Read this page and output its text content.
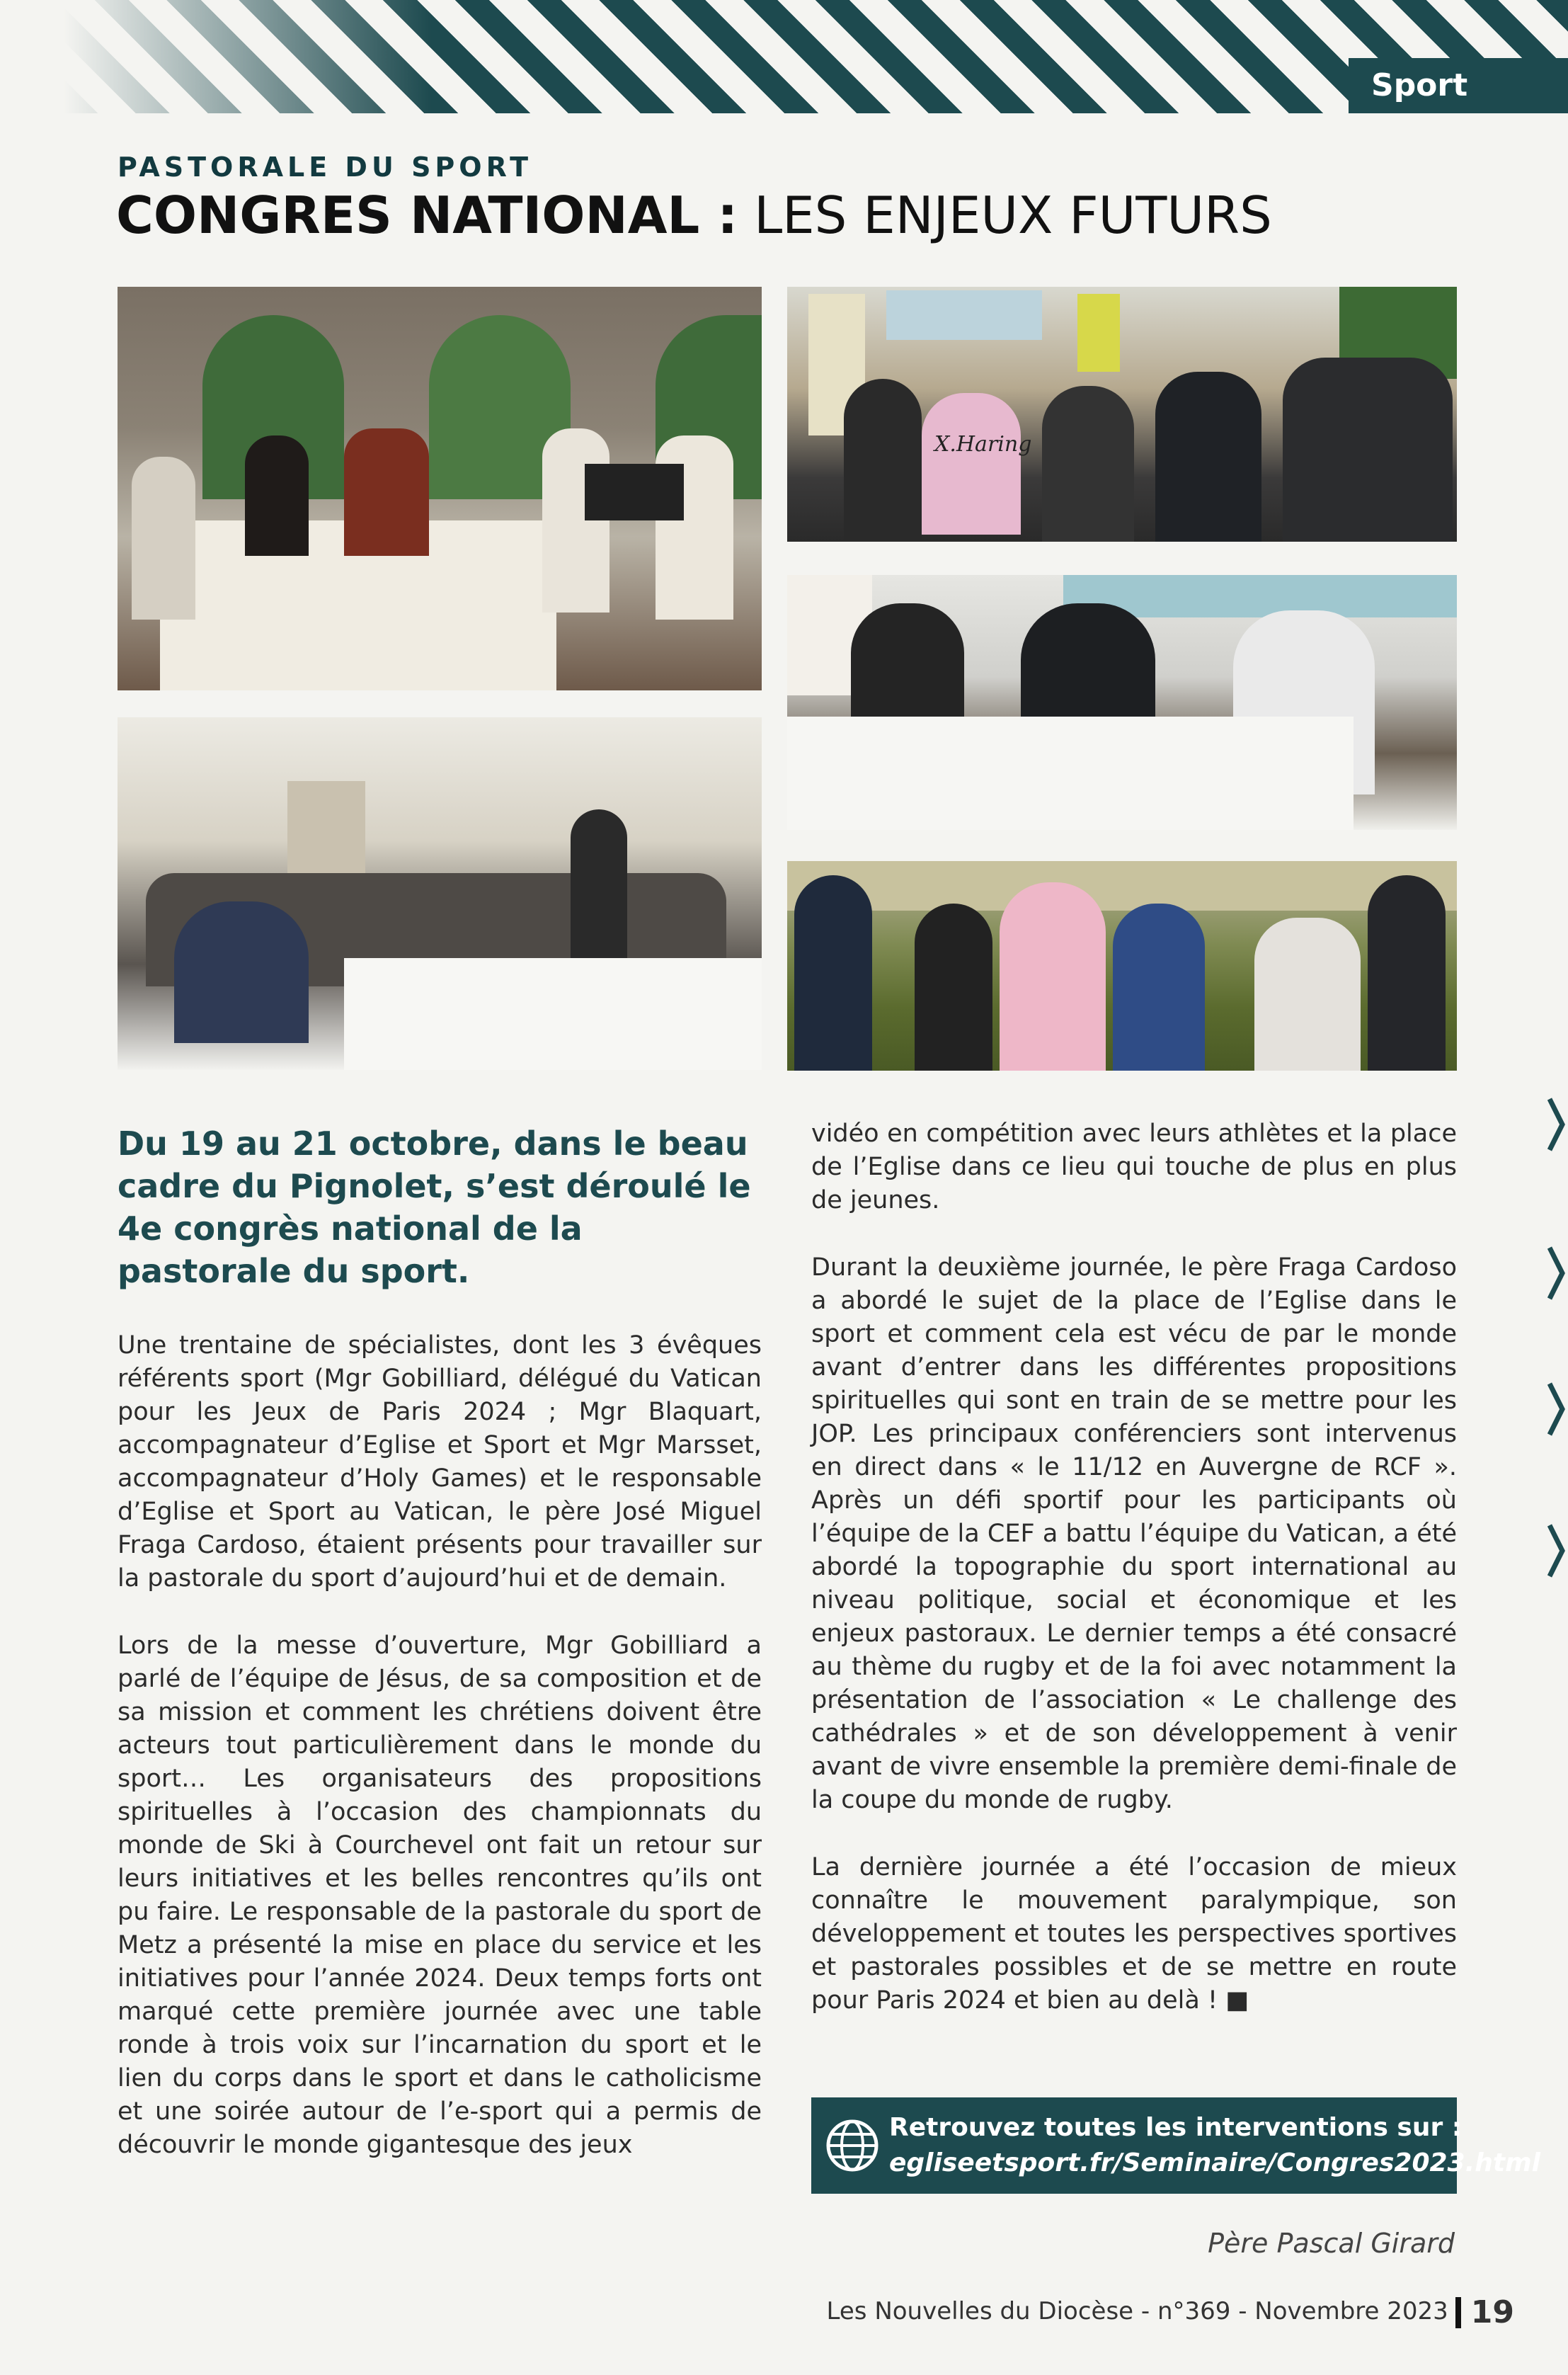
Sport
PASTORALE DU SPORT
CONGRES NATIONAL : LES ENJEUX FUTURS
X.Haring

Du 19 au 21 octobre, dans le beau cadre du Pignolet, s’est déroulé le 4e congrès national de la pastorale du sport.

Une trentaine de spécialistes, dont les 3 évêques référents sport (Mgr Gobilliard, délégué du Vatican pour les Jeux de Paris 2024 ; Mgr Blaquart, accompagnateur d’Eglise et Sport et Mgr Marsset, accompagnateur d’Holy Games) et le responsable d’Eglise et Sport au Vatican, le père José Miguel Fraga Cardoso, étaient présents pour travailler sur la pastorale du sport d’aujourd’hui et de demain.

Lors de la messe d’ouverture, Mgr Gobilliard a parlé de l’équipe de Jésus, de sa composition et de sa mission et comment les chrétiens doivent être acteurs tout particulièrement dans le monde du sport… Les organisateurs des propositions spirituelles à l’occasion des championnats du monde de Ski à Courchevel ont fait un retour sur leurs initiatives et les belles rencontres qu’ils ont pu faire. Le responsable de la pastorale du sport de Metz a présenté la mise en place du service et les initiatives pour l’année 2024. Deux temps forts ont marqué cette première journée avec une table ronde à trois voix sur l’incarnation du sport et le lien du corps dans le sport et dans le catholicisme et une soirée autour de l’e-sport qui a permis de découvrir le monde gigantesque des jeux

vidéo en compétition avec leurs athlètes et la place de l’Eglise dans ce lieu qui touche de plus en plus de jeunes.

Durant la deuxième journée, le père Fraga Cardoso a abordé le sujet de la place de l’Eglise dans le sport et comment cela est vécu de par le monde avant d’entrer dans les différentes propositions spirituelles qui sont en train de se mettre pour les JOP. Les principaux conférenciers sont intervenus en direct dans « le 11/12 en Auvergne de RCF ». Après un défi sportif pour les participants où l’équipe de la CEF a battu l’équipe du Vatican, a été abordé la topographie du sport international au niveau politique, social et économique et les enjeux pastoraux. Le dernier temps a été consacré au thème du rugby et de la foi avec notamment la présentation de l’association « Le challenge des cathédrales » et de son développement à venir avant de vivre ensemble la première demi-finale de la coupe du monde de rugby.

La dernière journée a été l’occasion de mieux connaître le mouvement paralympique, son développement et toutes les perspectives sportives et pastorales possibles et de se mettre en route pour Paris 2024 et bien au delà ! ■

Retrouvez toutes les interventions sur :
egliseetsport.fr/Seminaire/Congres2023.html
Père Pascal Girard
Les Nouvelles du Diocèse - n°369 - Novembre 2023 19
